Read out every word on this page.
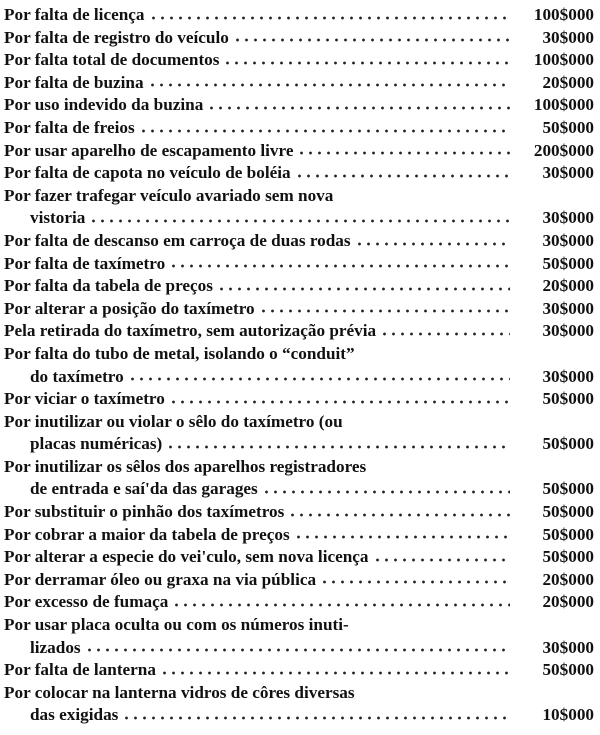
Por falta de licença	100$000
Por falta de registro do veículo	30$000
Por falta total de documentos	100$000
Por falta de buzina	20$000
Por uso indevido da buzina	100$000
Por falta de freios	50$000
Por usar aparelho de escapamento livre	200$000
Por falta de capota no veículo de boléia	30$000
Por fazer trafegar veículo avariado sem nova
vistoria	30$000
Por falta de descanso em carroça de duas rodas	30$000
Por falta de taxímetro	50$000
Por falta da tabela de preços	20$000
Por alterar a posição do taxímetro	30$000
Pela retirada do taxímetro, sem autorização prévia	30$000
Por falta do tubo de metal, isolando o “conduit”
do taxímetro	30$000
Por viciar o taxímetro	50$000
Por inutilizar ou violar o sêlo do taxímetro (ou
placas numéricas)	50$000
Por inutilizar os sêlos dos aparelhos registradores
de entrada e saí'da das garages	50$000
Por substituir o pinhão dos taxímetros	50$000
Por cobrar a maior da tabela de preços	50$000
Por alterar a especie do vei'culo, sem nova licença	50$000
Por derramar óleo ou graxa na via pública	20$000
Por excesso de fumaça	20$000
Por usar placa oculta ou com os números inuti-
lizados	30$000
Por falta de lanterna	50$000
Por colocar na lanterna vidros de côres diversas
das exigidas	10$000
